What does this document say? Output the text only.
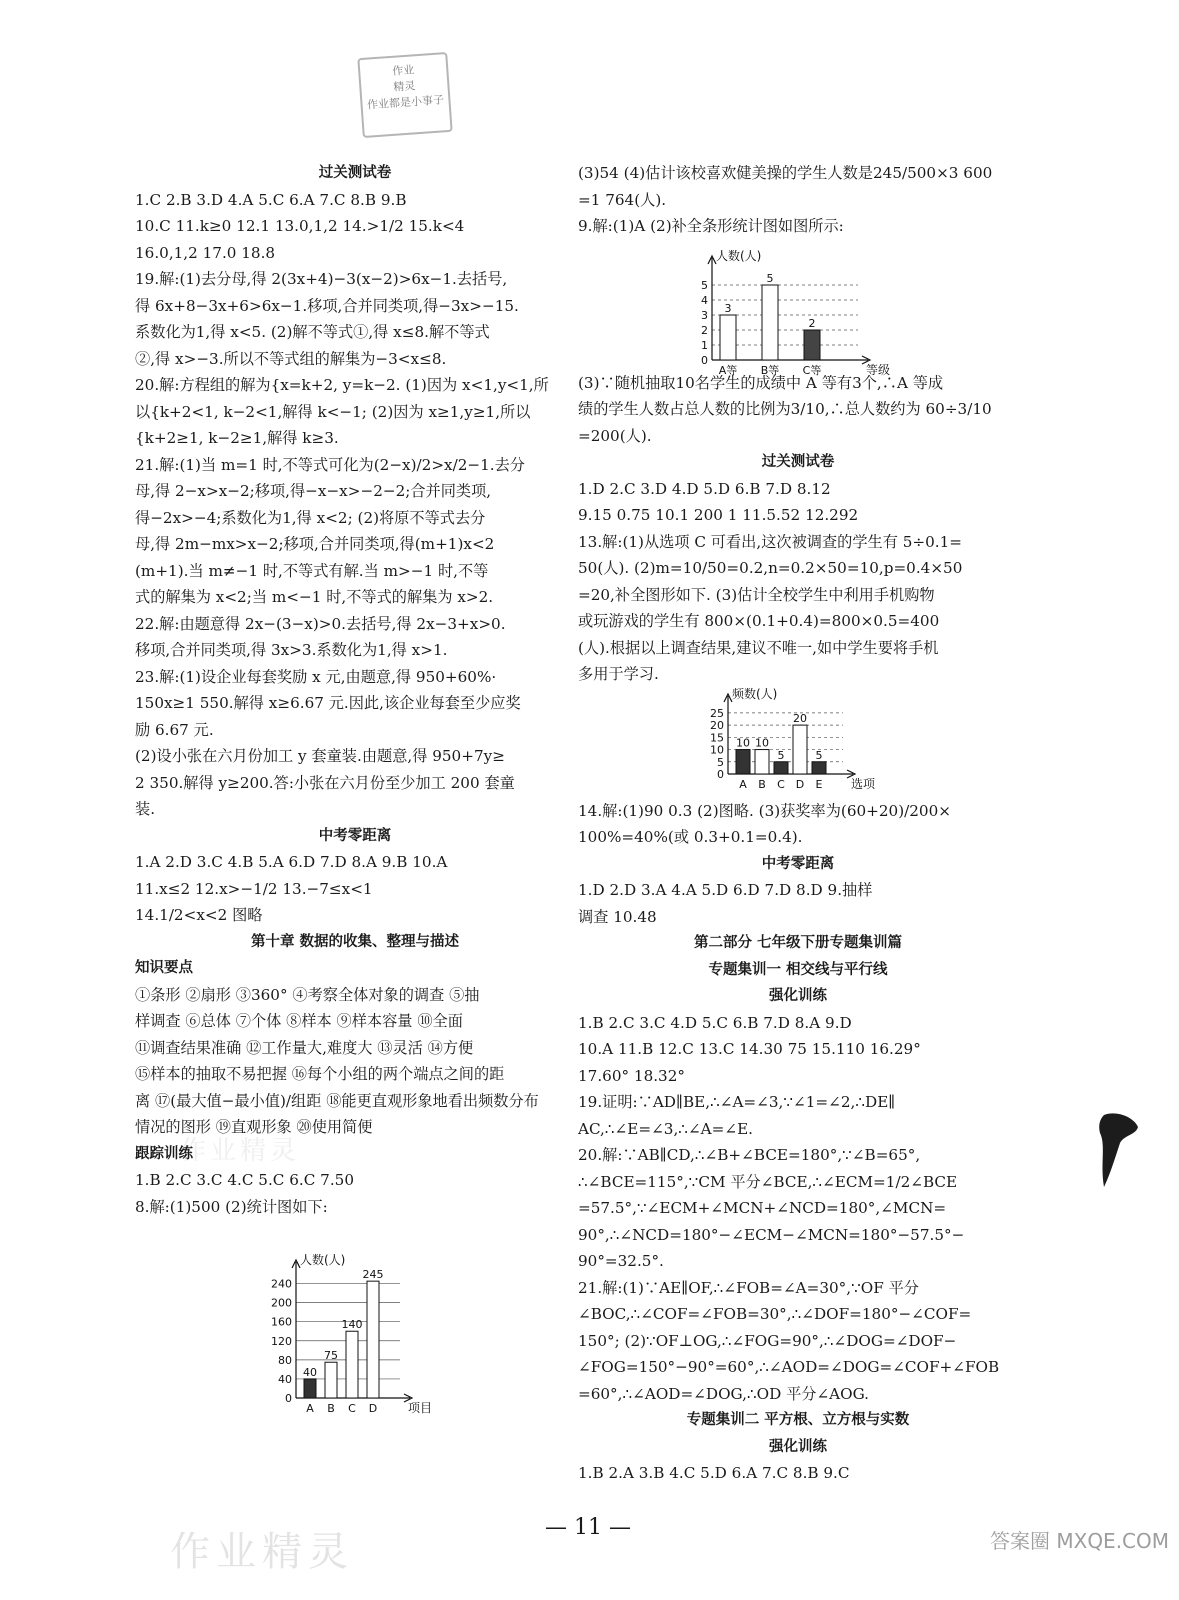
作业
精灵
作业都是小事子
作业精灵
过关测试卷
1.C 2.B 3.D 4.A 5.C 6.A 7.C 8.B 9.B
10.C 11.k≥0 12.1 13.0,1,2 14.>1/2 15.k<4
16.0,1,2 17.0 18.8
19.解:(1)去分母,得 2(3x+4)−3(x−2)>6x−1.去括号,
得 6x+8−3x+6>6x−1.移项,合并同类项,得−3x>−15.
系数化为1,得 x<5. (2)解不等式①,得 x≤8.解不等式
②,得 x>−3.所以不等式组的解集为−3<x≤8.
20.解:方程组的解为{x=k+2, y=k−2. (1)因为 x<1,y<1,所
以{k+2<1, k−2<1,解得 k<−1; (2)因为 x≥1,y≥1,所以
{k+2≥1, k−2≥1,解得 k≥3.
21.解:(1)当 m=1 时,不等式可化为(2−x)/2>x/2−1.去分
母,得 2−x>x−2;移项,得−x−x>−2−2;合并同类项,
得−2x>−4;系数化为1,得 x<2; (2)将原不等式去分
母,得 2m−mx>x−2;移项,合并同类项,得(m+1)x<2
(m+1).当 m≠−1 时,不等式有解.当 m>−1 时,不等
式的解集为 x<2;当 m<−1 时,不等式的解集为 x>2.
22.解:由题意得 2x−(3−x)>0.去括号,得 2x−3+x>0.
移项,合并同类项,得 3x>3.系数化为1,得 x>1.
23.解:(1)设企业每套奖励 x 元,由题意,得 950+60%·
150x≥1 550.解得 x≥6.67 元.因此,该企业每套至少应奖
励 6.67 元.
(2)设小张在六月份加工 y 套童装.由题意,得 950+7y≥
2 350.解得 y≥200.答:小张在六月份至少加工 200 套童
装.
中考零距离
1.A 2.D 3.C 4.B 5.A 6.D 7.D 8.A 9.B 10.A
11.x≤2 12.x>−1/2 13.−7≤x<1
14.1/2<x<2 图略
第十章 数据的收集、整理与描述
知识要点
①条形 ②扇形 ③360° ④考察全体对象的调查 ⑤抽
样调查 ⑥总体 ⑦个体 ⑧样本 ⑨样本容量 ⑩全面
⑪调查结果准确 ⑫工作量大,难度大 ⑬灵活 ⑭方便
⑮样本的抽取不易把握 ⑯每个小组的两个端点之间的距
离 ⑰(最大值−最小值)/组距 ⑱能更直观形象地看出频数分布
情况的图形 ⑲直观形象 ⑳使用简便
跟踪训练
1.B 2.C 3.C 4.C 5.C 6.C 7.50
8.解:(1)500 (2)统计图如下:
(3)54 (4)估计该校喜欢健美操的学生人数是245/500×3 600
=1 764(人).
9.解:(1)A (2)补全条形统计图如图所示:
(3)∵随机抽取10名学生的成绩中 A 等有3个,∴A 等成
绩的学生人数占总人数的比例为3/10,∴总人数约为 60÷3/10
=200(人).
过关测试卷
1.D 2.C 3.D 4.D 5.D 6.B 7.D 8.12
9.15 0.75 10.1 200 1 11.5.52 12.292
13.解:(1)从选项 C 可看出,这次被调查的学生有 5÷0.1=
50(人). (2)m=10/50=0.2,n=0.2×50=10,p=0.4×50
=20,补全图形如下. (3)估计全校学生中利用手机购物
或玩游戏的学生有 800×(0.1+0.4)=800×0.5=400
(人).根据以上调查结果,建议不唯一,如中学生要将手机
多用于学习.
14.解:(1)90 0.3 (2)图略. (3)获奖率为(60+20)/200×
100%=40%(或 0.3+0.1=0.4).
中考零距离
1.D 2.D 3.A 4.A 5.D 6.D 7.D 8.D 9.抽样
调查 10.48
第二部分 七年级下册专题集训篇
专题集训一 相交线与平行线
强化训练
1.B 2.C 3.C 4.D 5.C 6.B 7.D 8.A 9.D
10.A 11.B 12.C 13.C 14.30 75 15.110 16.29°
17.60° 18.32°
19.证明:∵AD∥BE,∴∠A=∠3,∵∠1=∠2,∴DE∥
AC,∴∠E=∠3,∴∠A=∠E.
20.解:∵AB∥CD,∴∠B+∠BCE=180°,∵∠B=65°,
∴∠BCE=115°,∵CM 平分∠BCE,∴∠ECM=1/2∠BCE
=57.5°,∵∠ECM+∠MCN+∠NCD=180°,∠MCN=
90°,∴∠NCD=180°−∠ECM−∠MCN=180°−57.5°−
90°=32.5°.
21.解:(1)∵AE∥OF,∴∠FOB=∠A=30°,∵OF 平分
∠BOC,∴∠COF=∠FOB=30°,∴∠DOF=180°−∠COF=
150°; (2)∵OF⊥OG,∴∠FOG=90°,∴∠DOG=∠DOF−
∠FOG=150°−90°=60°,∴∠AOD=∠DOG=∠COF+∠FOB
=60°,∴∠AOD=∠DOG,∴OD 平分∠AOG.
专题集训二 平方根、立方根与实数
强化训练
1.B 2.A 3.B 4.C 5.D 6.A 7.C 8.B 9.C
0
40
80
120
160
200
240
人数(人)
项目
40
A
75
B
140
C
245
D
0
1
2
3
4
5
人数(人)
等级
3
A等
5
B等
2
C等
0
5
10
15
20
25
频数(人)
选项
10
A
10
B
5
C
20
D
5
E
— 11 —
作业精灵	答案圈 MXQE.COM
